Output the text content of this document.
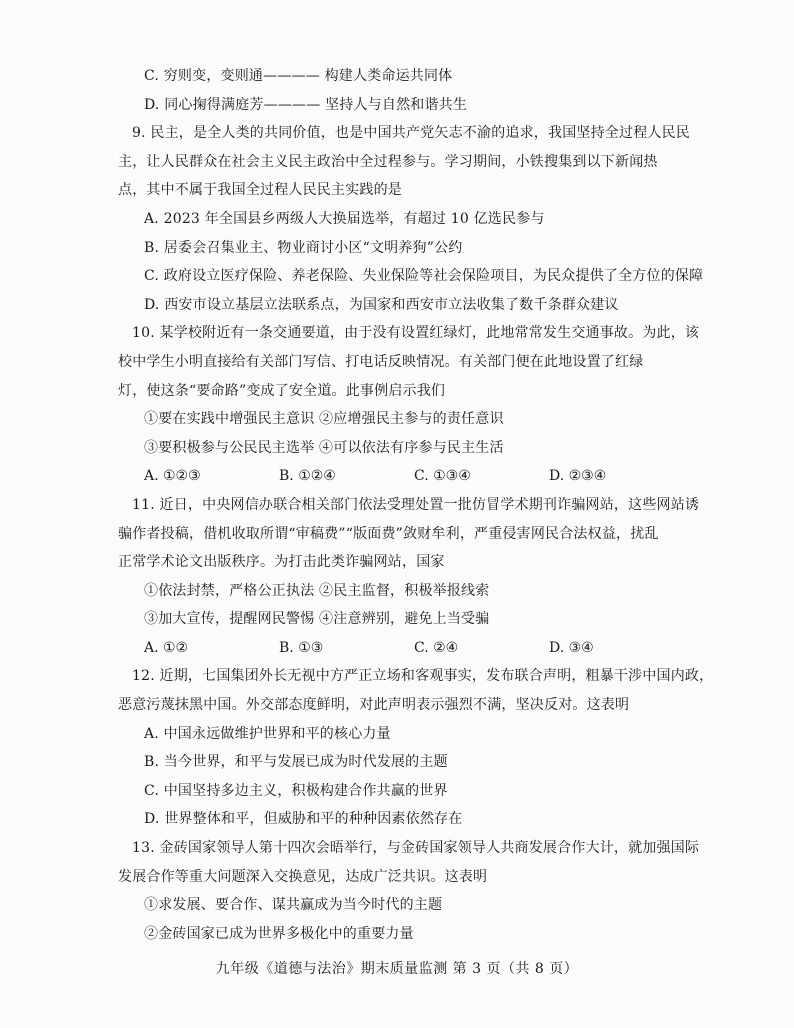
C. 穷则变，变则通———— 构建人类命运共同体
D. 同心掬得满庭芳———— 坚持人与自然和谐共生
9. 民主，是全人类的共同价值，也是中国共产党矢志不渝的追求，我国坚持全过程人民民
主，让人民群众在社会主义民主政治中全过程参与。学习期间，小铁搜集到以下新闻热
点，其中不属于我国全过程人民民主实践的是
A. 2023 年全国县乡两级人大换届选举，有超过 10 亿选民参与
B. 居委会召集业主、物业商讨小区“文明养狗”公约
C. 政府设立医疗保险、养老保险、失业保险等社会保险项目，为民众提供了全方位的保障
D. 西安市设立基层立法联系点，为国家和西安市立法收集了数千条群众建议
10. 某学校附近有一条交通要道，由于没有设置红绿灯，此地常常发生交通事故。为此，该
校中学生小明直接给有关部门写信、打电话反映情况。有关部门便在此地设置了红绿
灯，使这条“要命路”变成了安全道。此事例启示我们
①要在实践中增强民主意识 ②应增强民主参与的责任意识
③要积极参与公民民主选举 ④可以依法有序参与民主生活
A. ①②③	B. ①②④	C. ①③④	D. ②③④
11. 近日，中央网信办联合相关部门依法受理处置一批仿冒学术期刊诈骗网站，这些网站诱
骗作者投稿，借机收取所谓“审稿费”“版面费”敛财牟利，严重侵害网民合法权益，扰乱
正常学术论文出版秩序。为打击此类诈骗网站，国家
①依法封禁，严格公正执法 ②民主监督，积极举报线索
③加大宣传，提醒网民警惕 ④注意辨别，避免上当受骗
A. ①②	B. ①③	C. ②④	D. ③④
12. 近期，七国集团外长无视中方严正立场和客观事实，发布联合声明，粗暴干涉中国内政，
恶意污蔑抹黑中国。外交部态度鲜明，对此声明表示强烈不满，坚决反对。这表明
A. 中国永远做维护世界和平的核心力量
B. 当今世界，和平与发展已成为时代发展的主题
C. 中国坚持多边主义，积极构建合作共赢的世界
D. 世界整体和平，但威胁和平的种种因素依然存在
13. 金砖国家领导人第十四次会晤举行，与金砖国家领导人共商发展合作大计，就加强国际
发展合作等重大问题深入交换意见，达成广泛共识。这表明
①求发展、要合作、谋共赢成为当今时代的主题
②金砖国家已成为世界多极化中的重要力量
九年级《道德与法治》期末质量监测 第 3 页（共 8 页）
